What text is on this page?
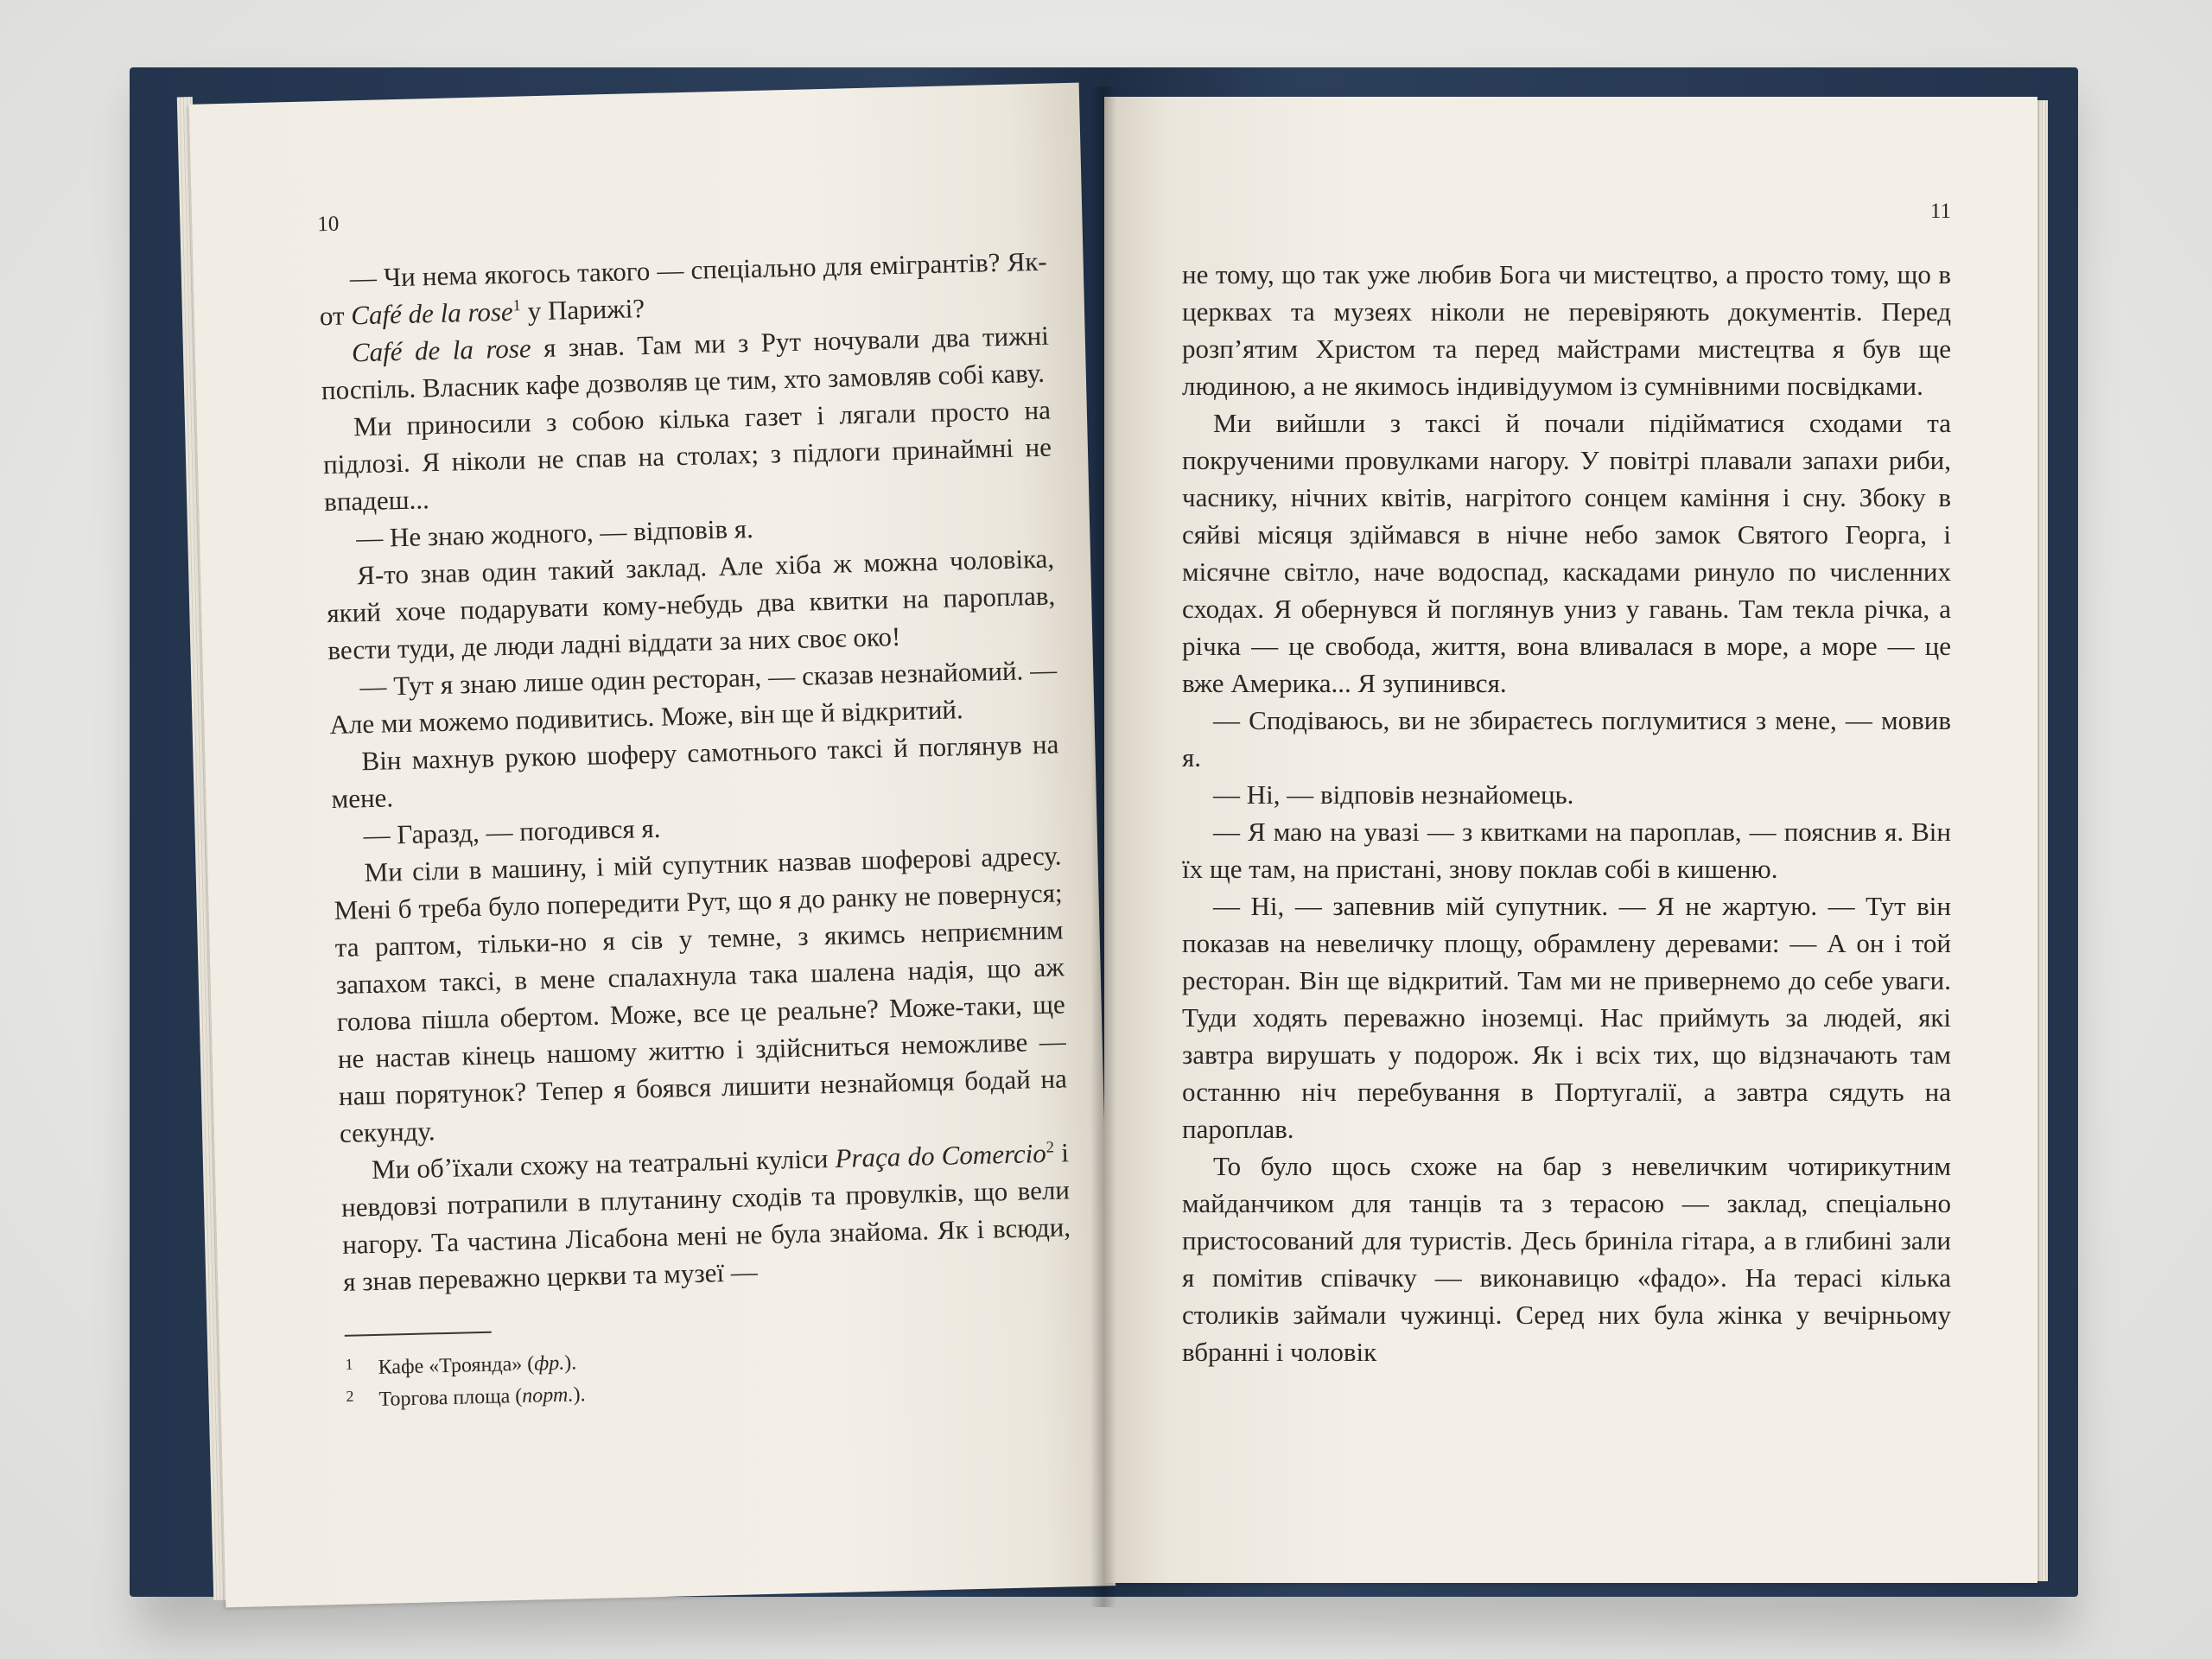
10

— Чи нема якогось такого — спеціально для емігрантів? Як-от Café de la rose$^1$ у Парижі?

Café de la rose я знав. Там ми з Рут ночували два тижні поспіль. Власник кафе дозволяв це тим, хто замовляв собі каву.

Ми приносили з собою кілька газет і лягали просто на підлозі. Я ніколи не спав на столах; з підлоги принаймні не впадеш...

— Не знаю жодного, — відповів я.

Я-то знав один такий заклад. Але хіба ж можна чоловіка, який хоче подарувати кому-небудь два квитки на пароплав, вести туди, де люди ладні віддати за них своє око!

— Тут я знаю лише один ресторан, — сказав незнайомий. — Але ми можемо подивитись. Може, він ще й відкритий.

Він махнув рукою шоферу самотнього таксі й поглянув на мене.

— Гаразд, — погодився я.

Ми сіли в машину, і мій супутник назвав шоферові адресу. Мені б треба було попередити Рут, що я до ранку не повернуся; та раптом, тільки-но я сів у темне, з якимсь неприємним запахом таксі, в мене спалахнула така шалена надія, що аж голова пішла обертом. Може, все це реальне? Може-таки, ще не настав кінець нашому життю і здійсниться неможливе — наш порятунок? Тепер я боявся лишити незнайомця бодай на секунду.

Ми об’їхали схожу на театральні куліси Praça do Comercio$^2$ і невдовзі потрапили в плутанину сходів та провулків, що вели нагору. Та частина Лісабона мені не була знайома. Як і всюди, я знав переважно церкви та музеї —

1 Кафе «Троянда» (фр.).

2 Торгова площа (порт.).

11

не тому, що так уже любив Бога чи мистецтво, а просто тому, що в церквах та музеях ніколи не перевіряють документів. Перед розп’ятим Христом та перед майстрами мистецтва я був ще людиною, а не якимось індивідуумом із сумнівними посвідками.

Ми вийшли з таксі й почали підійматися сходами та покрученими провулками нагору. У повітрі плавали запахи риби, часнику, нічних квітів, нагрітого сонцем каміння і сну. Збоку в сяйві місяця здіймався в нічне небо замок Святого Георга, і місячне світло, наче водоспад, каскадами ринуло по численних сходах. Я обернувся й поглянув униз у гавань. Там текла річка, а річка — це свобода, життя, вона вливалася в море, а море — це вже Америка... Я зупинився.

— Сподіваюсь, ви не збираєтесь поглумитися з мене, — мовив я.

— Ні, — відповів незнайомець.

— Я маю на увазі — з квитками на пароплав, — пояснив я. Він їх ще там, на пристані, знову поклав собі в кишеню.

— Ні, — запевнив мій супутник. — Я не жартую. — Тут він показав на невеличку площу, обрамлену деревами: — А он і той ресторан. Він ще відкритий. Там ми не привернемо до себе уваги. Туди ходять переважно іноземці. Нас приймуть за людей, які завтра вирушать у подорож. Як і всіх тих, що відзначають там останню ніч перебування в Португалії, а завтра сядуть на пароплав.

То було щось схоже на бар з невеличким чотирикутним майданчиком для танців та з терасою — заклад, спеціально пристосований для туристів. Десь бриніла гітара, а в глибині зали я помітив співачку — виконавицю «фадо». На терасі кілька столиків займали чужинці. Серед них була жінка у вечірньому вбранні і чоловік
